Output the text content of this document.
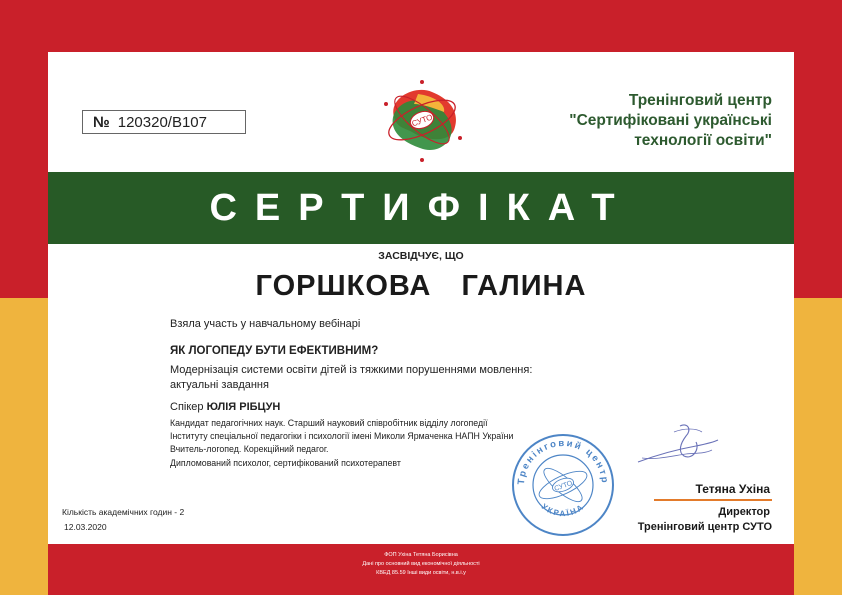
№ 120320/В107	СУТО
Тренінговий центр
"Сертифіковані українські
технології освіти"
СЕРТИФІКАТ
ЗАСВІДЧУЄ, ЩО
ГОРШКОВА  ГАЛИНА
Взяла участь у навчальному вебінарі
ЯК ЛОГОПЕДУ БУТИ ЕФЕКТИВНИМ?
Модернізація системи освіти дітей із тяжкими порушеннями мовлення:
актуальні завдання
Спікер ЮЛІЯ РІБЦУН
Кандидат педагогічних наук. Старший науковий співробітник відділу логопедії
Інституту спеціальної педагогіки і психології імені Миколи Ярмаченка НАПН України
Вчитель-логопед. Корекційний педагог.
Дипломований психолог, сертифікований психотерапевт
Тренінговий центр
УКРАЇНА
СУТО
Кількість академічних годин - 2
12.03.2020
Тетяна Ухіна
Директор
Тренінговий центр СУТО
ФОП Ухіна Тетяна Борисівна
Дані про основний вид економічної діяльності
КВЕД 85.59 Інші види освіти, н.в.і.у
